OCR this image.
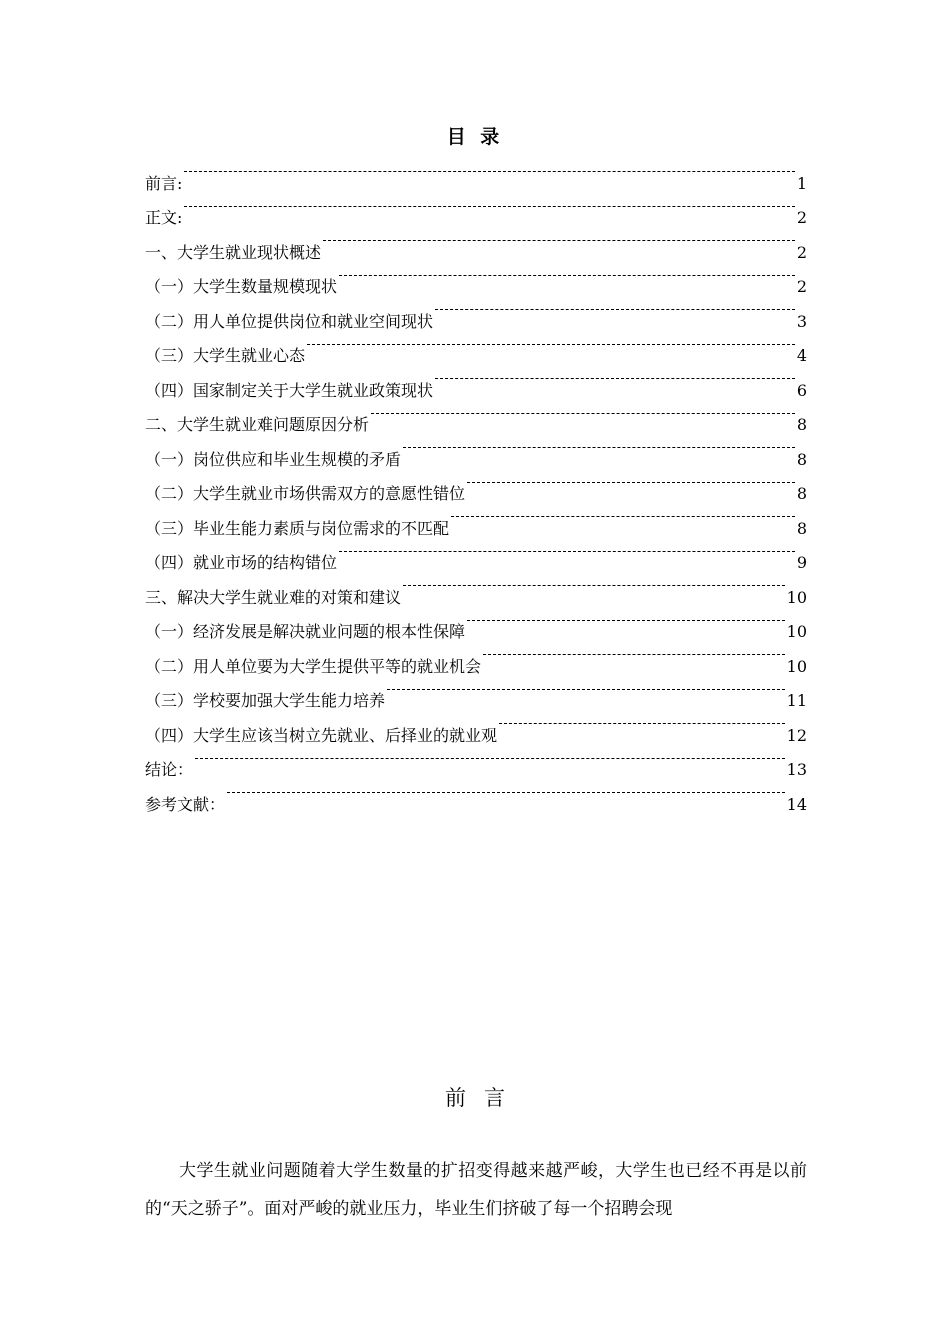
目 录
前言:	1
正文:	2
一、大学生就业现状概述	2
（一）大学生数量规模现状	2
（二）用人单位提供岗位和就业空间现状	3
（三）大学生就业心态	4
（四）国家制定关于大学生就业政策现状	6
二、大学生就业难问题原因分析	8
（一）岗位供应和毕业生规模的矛盾	8
（二）大学生就业市场供需双方的意愿性错位	8
（三）毕业生能力素质与岗位需求的不匹配	8
（四）就业市场的结构错位	9
三、解决大学生就业难的对策和建议	10
（一）经济发展是解决就业问题的根本性保障	10
（二）用人单位要为大学生提供平等的就业机会	10
（三）学校要加强大学生能力培养	11
（四）大学生应该当树立先就业、后择业的就业观	12
结论：	13
参考文献：	14
前言

大学生就业问题随着大学生数量的扩招变得越来越严峻，大学生也已经不再是以前的“天之骄子”。面对严峻的就业压力，毕业生们挤破了每一个招聘会现
